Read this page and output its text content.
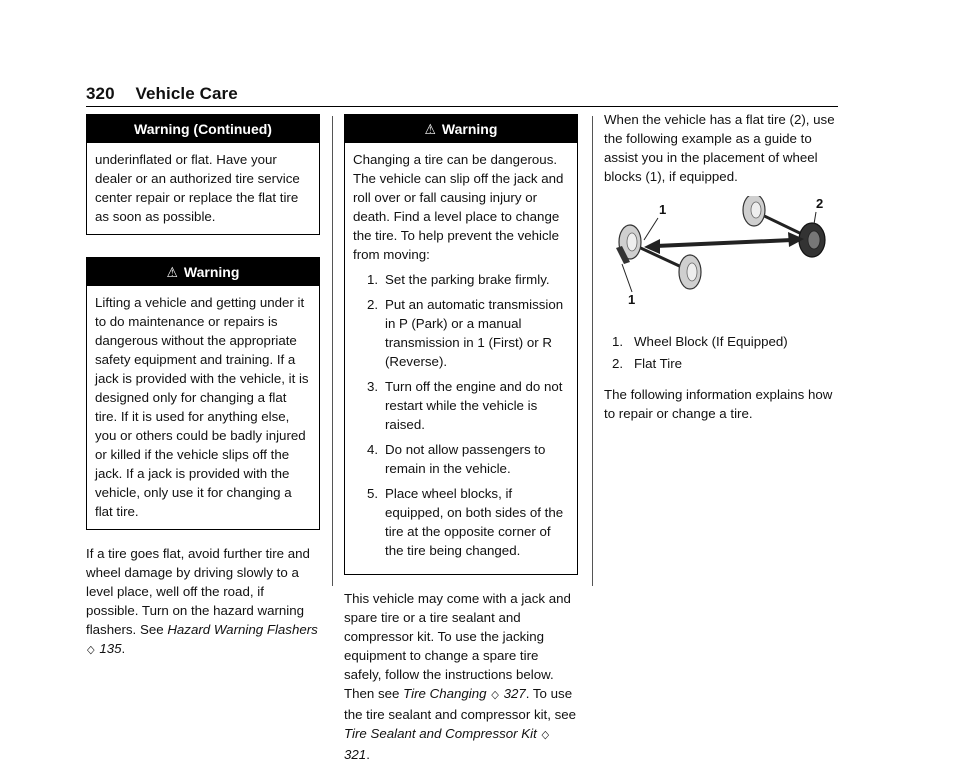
320 Vehicle Care
Warning (Continued)
underinflated or flat. Have your dealer or an authorized tire service center repair or replace the flat tire as soon as possible.
⚠ Warning
Lifting a vehicle and getting under it to do maintenance or repairs is dangerous without the appropriate safety equipment and training. If a jack is provided with the vehicle, it is designed only for changing a flat tire. If it is used for anything else, you or others could be badly injured or killed if the vehicle slips off the jack. If a jack is provided with the vehicle, only use it for changing a flat tire.

If a tire goes flat, avoid further tire and wheel damage by driving slowly to a level place, well off the road, if possible. Turn on the hazard warning flashers. See Hazard Warning Flashers ◇ 135.

⚠ Warning
Changing a tire can be dangerous. The vehicle can slip off the jack and roll over or fall causing injury or death. Find a level place to change the tire. To help prevent the vehicle from moving:
1. Set the parking brake firmly.
2. Put an automatic transmission in P (Park) or a manual transmission in 1 (First) or R (Reverse).
3. Turn off the engine and do not restart while the vehicle is raised.
4. Do not allow passengers to remain in the vehicle.
5. Place wheel blocks, if equipped, on both sides of the tire at the opposite corner of the tire being changed.

This vehicle may come with a jack and spare tire or a tire sealant and compressor kit. To use the jacking equipment to change a spare tire safely, follow the instructions below. Then see Tire Changing ◇ 327. To use the tire sealant and compressor kit, see Tire Sealant and Compressor Kit ◇ 321.

When the vehicle has a flat tire (2), use the following example as a guide to assist you in the placement of wheel blocks (1), if equipped.

1
1
2
1. Wheel Block (If Equipped)
2. Flat Tire

The following information explains how to repair or change a tire.
